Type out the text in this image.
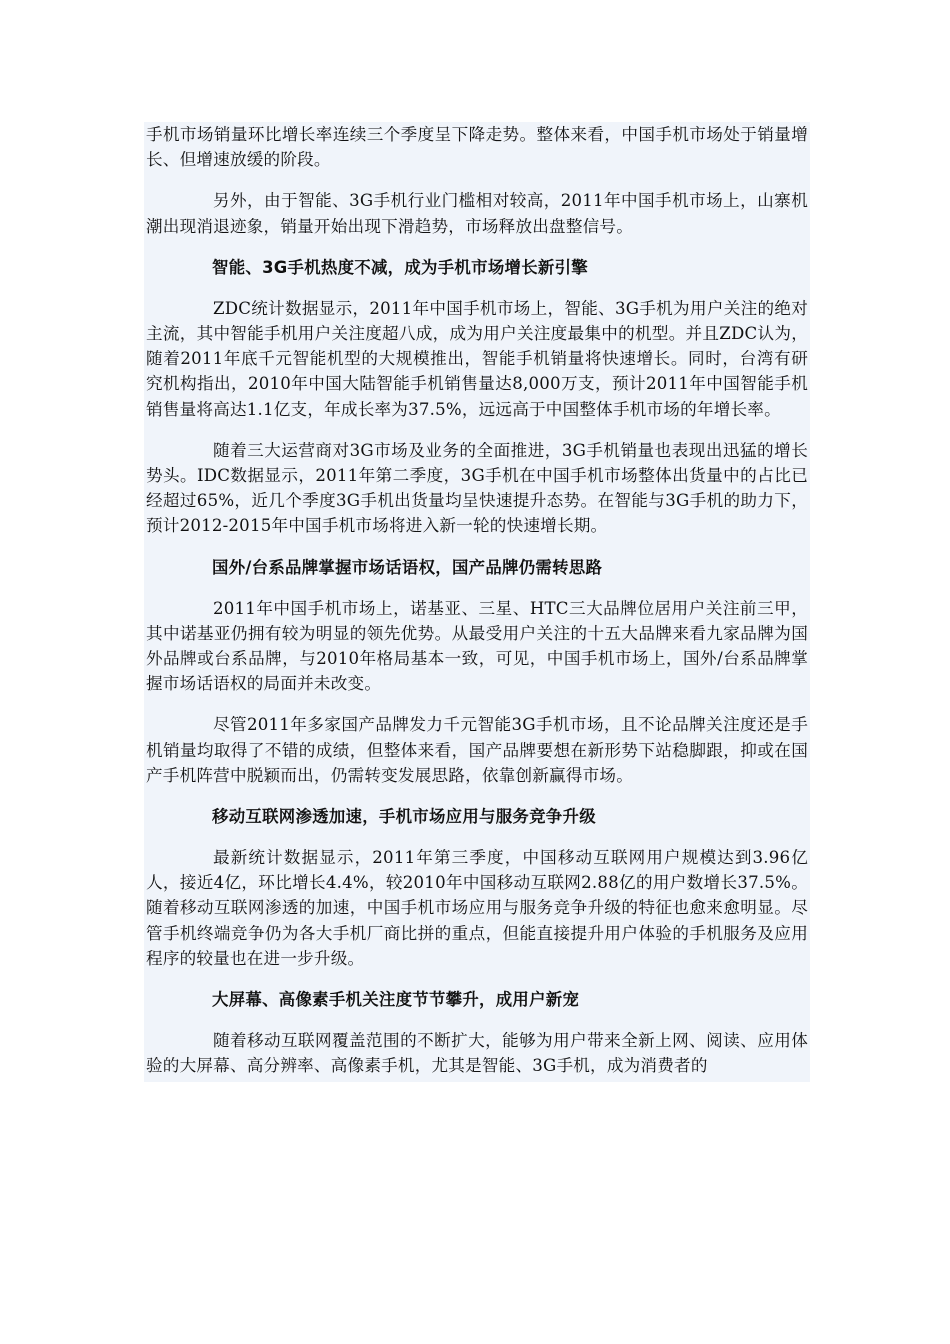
手机市场销量环比增长率连续三个季度呈下降走势。整体来看，中国手机市场处于销量增长、但增速放缓的阶段。

另外，由于智能、3G手机行业门槛相对较高，2011年中国手机市场上，山寨机潮出现消退迹象，销量开始出现下滑趋势，市场释放出盘整信号。

智能、3G手机热度不减，成为手机市场增长新引擎

ZDC统计数据显示，2011年中国手机市场上，智能、3G手机为用户关注的绝对主流，其中智能手机用户关注度超八成，成为用户关注度最集中的机型。并且ZDC认为，随着2011年底千元智能机型的大规模推出，智能手机销量将快速增长。同时，台湾有研究机构指出，2010年中国大陆智能手机销售量达8,000万支，预计2011年中国智能手机销售量将高达1.1亿支，年成长率为37.5%，远远高于中国整体手机市场的年增长率。

随着三大运营商对3G市场及业务的全面推进，3G手机销量也表现出迅猛的增长势头。IDC数据显示，2011年第二季度，3G手机在中国手机市场整体出货量中的占比已经超过65%，近几个季度3G手机出货量均呈快速提升态势。在智能与3G手机的助力下，预计2012-2015年中国手机市场将进入新一轮的快速增长期。

国外/台系品牌掌握市场话语权，国产品牌仍需转思路

2011年中国手机市场上，诺基亚、三星、HTC三大品牌位居用户关注前三甲，其中诺基亚仍拥有较为明显的领先优势。从最受用户关注的十五大品牌来看九家品牌为国外品牌或台系品牌，与2010年格局基本一致，可见，中国手机市场上，国外/台系品牌掌握市场话语权的局面并未改变。

尽管2011年多家国产品牌发力千元智能3G手机市场，且不论品牌关注度还是手机销量均取得了不错的成绩，但整体来看，国产品牌要想在新形势下站稳脚跟，抑或在国产手机阵营中脱颖而出，仍需转变发展思路，依靠创新赢得市场。

移动互联网渗透加速，手机市场应用与服务竞争升级

最新统计数据显示，2011年第三季度，中国移动互联网用户规模达到3.96亿人，接近4亿，环比增长4.4%，较2010年中国移动互联网2.88亿的用户数增长37.5%。随着移动互联网渗透的加速，中国手机市场应用与服务竞争升级的特征也愈来愈明显。尽管手机终端竞争仍为各大手机厂商比拼的重点，但能直接提升用户体验的手机服务及应用程序的较量也在进一步升级。

大屏幕、高像素手机关注度节节攀升，成用户新宠

随着移动互联网覆盖范围的不断扩大，能够为用户带来全新上网、阅读、应用体验的大屏幕、高分辨率、高像素手机，尤其是智能、3G手机，成为消费者的
